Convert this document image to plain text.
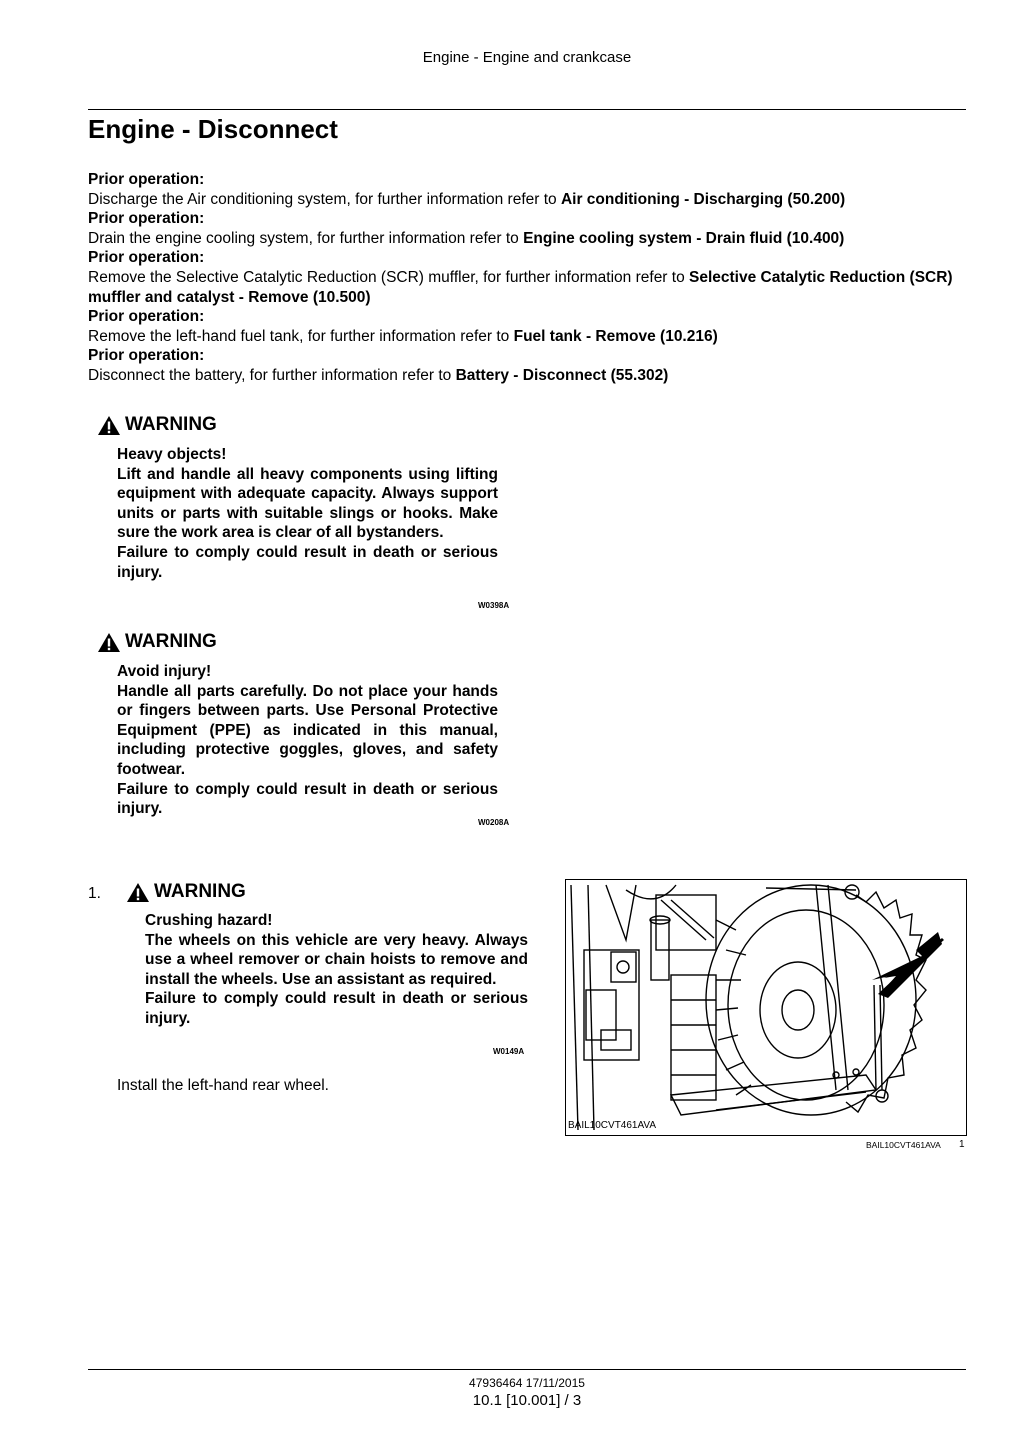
Engine - Engine and crankcase
Engine - Disconnect
Prior operation:
Discharge the Air conditioning system, for further information refer to Air conditioning - Discharging (50.200)
Prior operation:
Drain the engine cooling system, for further information refer to Engine cooling system - Drain fluid (10.400)
Prior operation:
Remove the Selective Catalytic Reduction (SCR) muffler, for further information refer to Selective Catalytic Reduction (SCR) muffler and catalyst - Remove (10.500)
Prior operation:
Remove the left-hand fuel tank, for further information refer to Fuel tank - Remove (10.216)
Prior operation:
Disconnect the battery, for further information refer to Battery - Disconnect (55.302)
WARNING
Heavy objects!
Lift and handle all heavy components using lifting equipment with adequate capacity. Always support units or parts with suitable slings or hooks. Make sure the work area is clear of all bystanders.
Failure to comply could result in death or serious injury.
W0398A
WARNING
Avoid injury!
Handle all parts carefully. Do not place your hands or fingers between parts. Use Personal Protective Equipment (PPE) as indicated in this manual, including protective goggles, gloves, and safety footwear.
Failure to comply could result in death or serious injury.
W0208A
1.	WARNING
Crushing hazard!
The wheels on this vehicle are very heavy. Always use a wheel remover or chain hoists to remove and install the wheels. Use an assistant as required.
Failure to comply could result in death or serious injury.
W0149A
Install the left-hand rear wheel.
BAIL10CVT461AVA
BAIL10CVT461AVA 1
47936464 17/11/2015
10.1 [10.001] / 3
